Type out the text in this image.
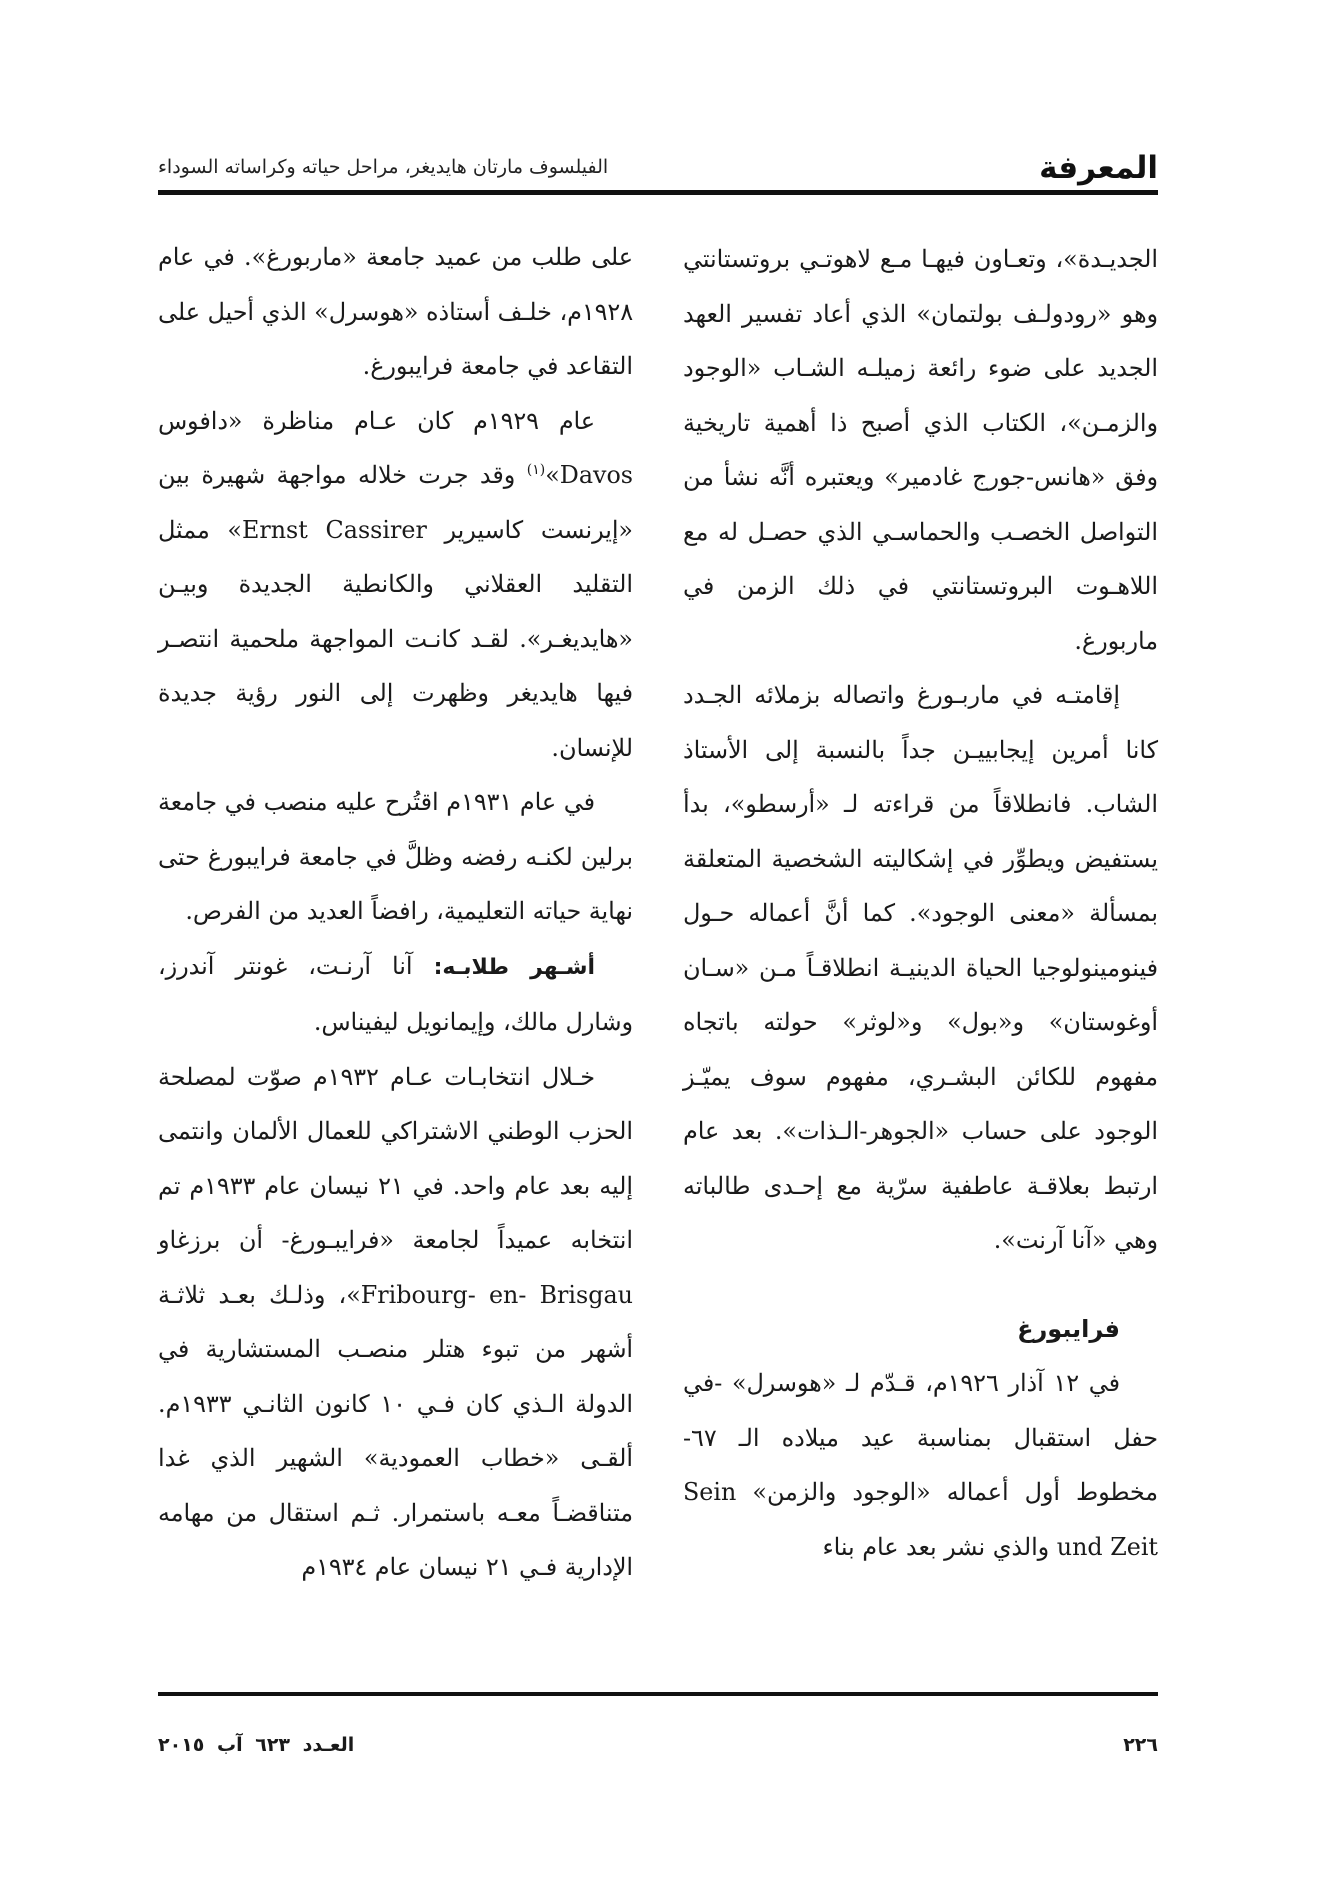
المعرفة
الفيلسوف مارتان هايديغر، مراحل حياته وكراساته السوداء

الجديـدة»، وتعـاون فيهـا مـع لاهوتـي بروتستانتي وهو «رودولـف بولتمان» الذي أعاد تفسير العهد الجديد على ضوء رائعة زميلـه الشـاب «الوجود والزمـن»، الكتاب الذي أصبح ذا أهمية تاريخية وفق «هانس-جورج غادمير» ويعتبره أنَّه نشأ من التواصل الخصـب والحماسـي الذي حصـل له مع اللاهـوت البروتستانتي في ذلك الزمن في ماربورغ.

إقامتـه في ماربـورغ واتصاله بزملائه الجـدد كانا أمرين إيجابييـن جداً بالنسبة إلى الأستاذ الشاب. فانطلاقاً من قراءته لـ «أرسطو»، بدأ يستفيض ويطوِّر في إشكاليته الشخصية المتعلقة بمسألة «معنى الوجود». كما أنَّ أعماله حـول فينومينولوجيا الحياة الدينيـة انطلاقـاً مـن «سـان أوغوستان» و«بول» و«لوثر» حولته باتجاه مفهوم للكائن البشـري، مفهوم سوف يميّـز الوجود على حساب «الجوهر-الـذات». بعد عام ارتبط بعلاقـة عاطفية سرّية مع إحـدى طالباته وهي «آنا آرنت».

فرايبورغ

في ١٢ آذار ١٩٢٦م، قـدّم لـ «هوسرل» -في حفل استقبال بمناسبة عيد ميلاده الـ ٦٧- مخطوط أول أعماله «الوجود والزمن» Sein und Zeit والذي نشر بعد عام بناء

على طلب من عميد جامعة «ماربورغ». في عام ١٩٢٨م، خلـف أستاذه «هوسرل» الذي أحيل على التقاعد في جامعة فرايبورغ.

عام ١٩٢٩م كان عـام مناظرة «دافوس Davos»$^{(١)}$ وقد جرت خلاله مواجهة شهيرة بين «إيرنست كاسيرير Ernst Cassirer» ممثل التقليد العقلاني والكانطية الجديدة وبيـن «هايديغـر». لقـد كانـت المواجهة ملحمية انتصـر فيها هايديغر وظهرت إلى النور رؤية جديدة للإنسان.

في عام ١٩٣١م اقتُرح عليه منصب في جامعة برلين لكنـه رفضه وظلَّ في جامعة فرايبورغ حتى نهاية حياته التعليمية، رافضاً العديد من الفرص.

أشـهر طلابـه: آنا آرنـت، غونتر آندرز، وشارل مالك، وإيمانويل ليفيناس.

خـلال انتخابـات عـام ١٩٣٢م صوّت لمصلحة الحزب الوطني الاشتراكي للعمال الألمان وانتمى إليه بعد عام واحد. في ٢١ نيسان عام ١٩٣٣م تم انتخابه عميداً لجامعة «فرايبـورغ- أن برزغاو Fribourg- en- Brisgau»، وذلـك بعـد ثلاثـة أشهر من تبوء هتلر منصـب المستشارية في الدولة الـذي كان فـي ١٠ كانون الثانـي ١٩٣٣م. ألقـى «خطاب العمودية» الشهير الذي غدا متناقضـاً معـه باستمرار. ثـم استقال من مهامه الإدارية فـي ٢١ نيسان عام ١٩٣٤م

٢٢٦
العـدد ٦٢٣ آب ٢٠١٥
